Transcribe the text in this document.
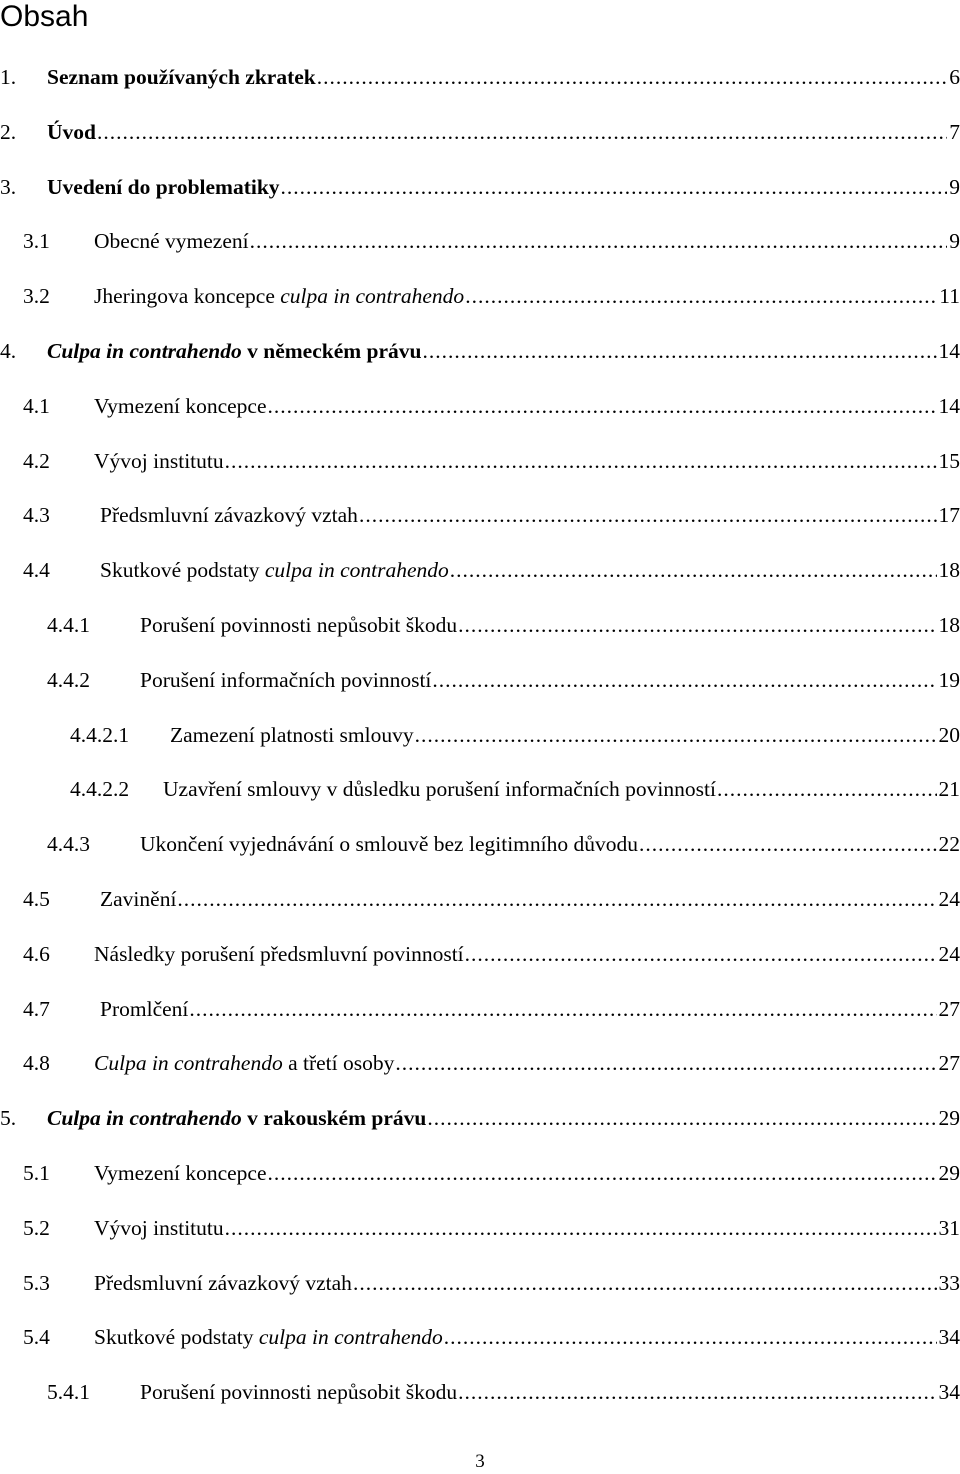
Obsah
1. Seznam používaných zkratek .....	6
2. Úvod .....	7
3. Uvedení do problematiky .....	9
3.1 Obecné vymezení .....	9
3.2 Jheringova koncepce culpa in contrahendo .....	11
4. Culpa in contrahendo v německém právu .....	14
4.1 Vymezení koncepce .....	14
4.2 Vývoj institutu .....	15
4.3 Předsmluvní závazkový vztah .....	17
4.4 Skutkové podstaty culpa in contrahendo .....	18
4.4.1 Porušení povinnosti nepůsobit škodu .....	18
4.4.2 Porušení informačních povinností .....	19
4.4.2.1 Zamezení platnosti smlouvy .....	20
4.4.2.2 Uzavření smlouvy v důsledku porušení informačních povinností .....	21
4.4.3 Ukončení vyjednávání o smlouvě bez legitimního důvodu .....	22
4.5 Zavinění .....	24
4.6 Následky porušení předsmluvní povinností .....	24
4.7 Promlčení .....	27
4.8 Culpa in contrahendo a třetí osoby .....	27
5. Culpa in contrahendo v rakouském právu .....	29
5.1 Vymezení koncepce .....	29
5.2 Vývoj institutu .....	31
5.3 Předsmluvní závazkový vztah .....	33
5.4 Skutkové podstaty culpa in contrahendo .....	34
5.4.1 Porušení povinnosti nepůsobit škodu .....	34
3
